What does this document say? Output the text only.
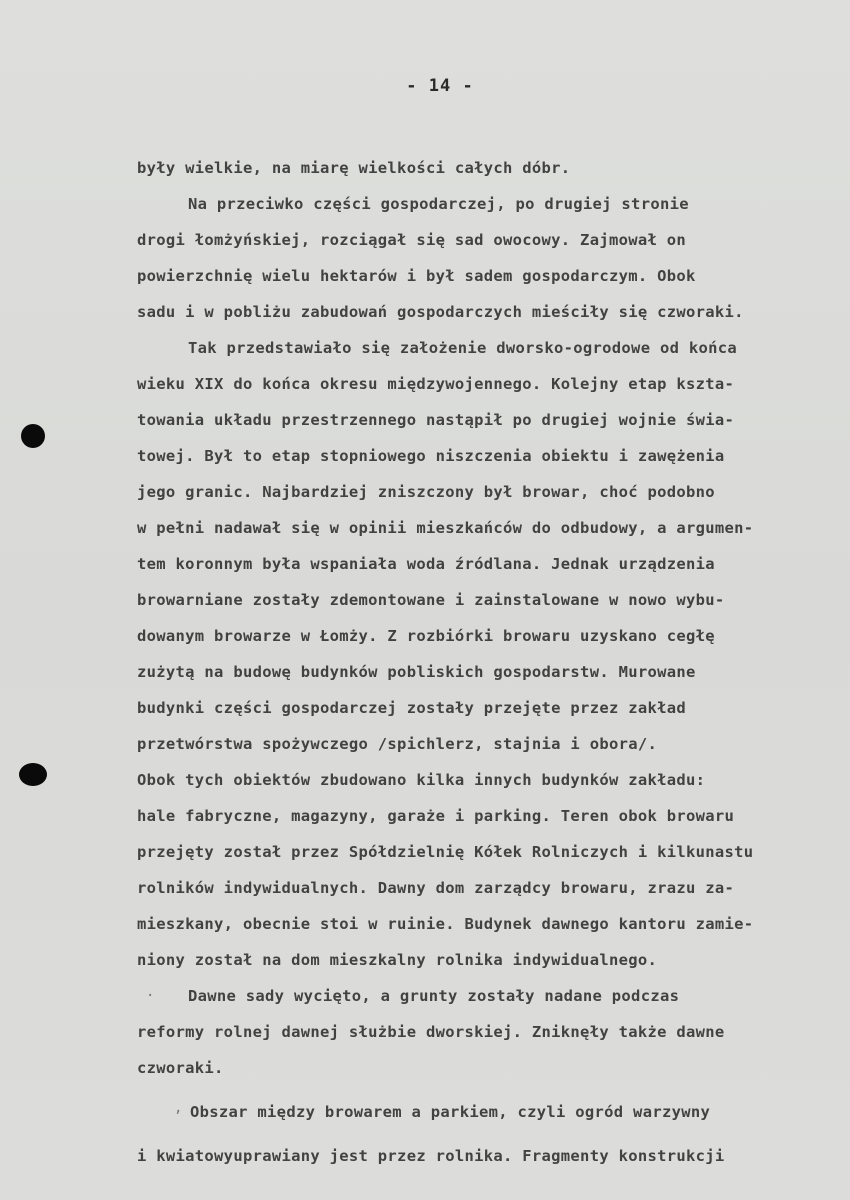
- 14 -
były wielkie, na miarę wielkości całych dóbr.
Na przeciwko części gospodarczej, po drugiej stronie
drogi łomżyńskiej, rozciągał się sad owocowy. Zajmował on
powierzchnię wielu hektarów i był sadem gospodarczym. Obok
sadu i w pobliżu zabudowań gospodarczych mieściły się czworaki.
Tak przedstawiało się założenie dworsko-ogrodowe od końca
wieku XIX do końca okresu międzywojennego. Kolejny etap kszta-
towania układu przestrzennego nastąpił po drugiej wojnie świa-
towej. Był to etap stopniowego niszczenia obiektu i zawężenia
jego granic. Najbardziej zniszczony był browar, choć podobno
w pełni nadawał się w opinii mieszkańców do odbudowy, a argumen-
tem koronnym była wspaniała woda źródlana. Jednak urządzenia
browarniane zostały zdemontowane i zainstalowane w nowo wybu-
dowanym browarze w Łomży. Z rozbiórki browaru uzyskano cegłę
zużytą na budowę budynków pobliskich gospodarstw. Murowane
budynki części gospodarczej zostały przejęte przez zakład
przetwórstwa spożywczego /spichlerz, stajnia i obora/.
Obok tych obiektów zbudowano kilka innych budynków zakładu:
hale fabryczne, magazyny, garaże i parking. Teren obok browaru
przejęty został przez Spółdzielnię Kółek Rolniczych i kilkunastu
rolników indywidualnych. Dawny dom zarządcy browaru, zrazu za-
mieszkany, obecnie stoi w ruinie. Budynek dawnego kantoru zamie-
niony został na dom mieszkalny rolnika indywidualnego.
· Dawne sady wycięto, a grunty zostały nadane podczas
reformy rolnej dawnej służbie dworskiej. Zniknęły także dawne
czworaki.
, Obszar między browarem a parkiem, czyli ogród warzywny
i kwiatowyuprawiany jest przez rolnika. Fragmenty konstrukcji
